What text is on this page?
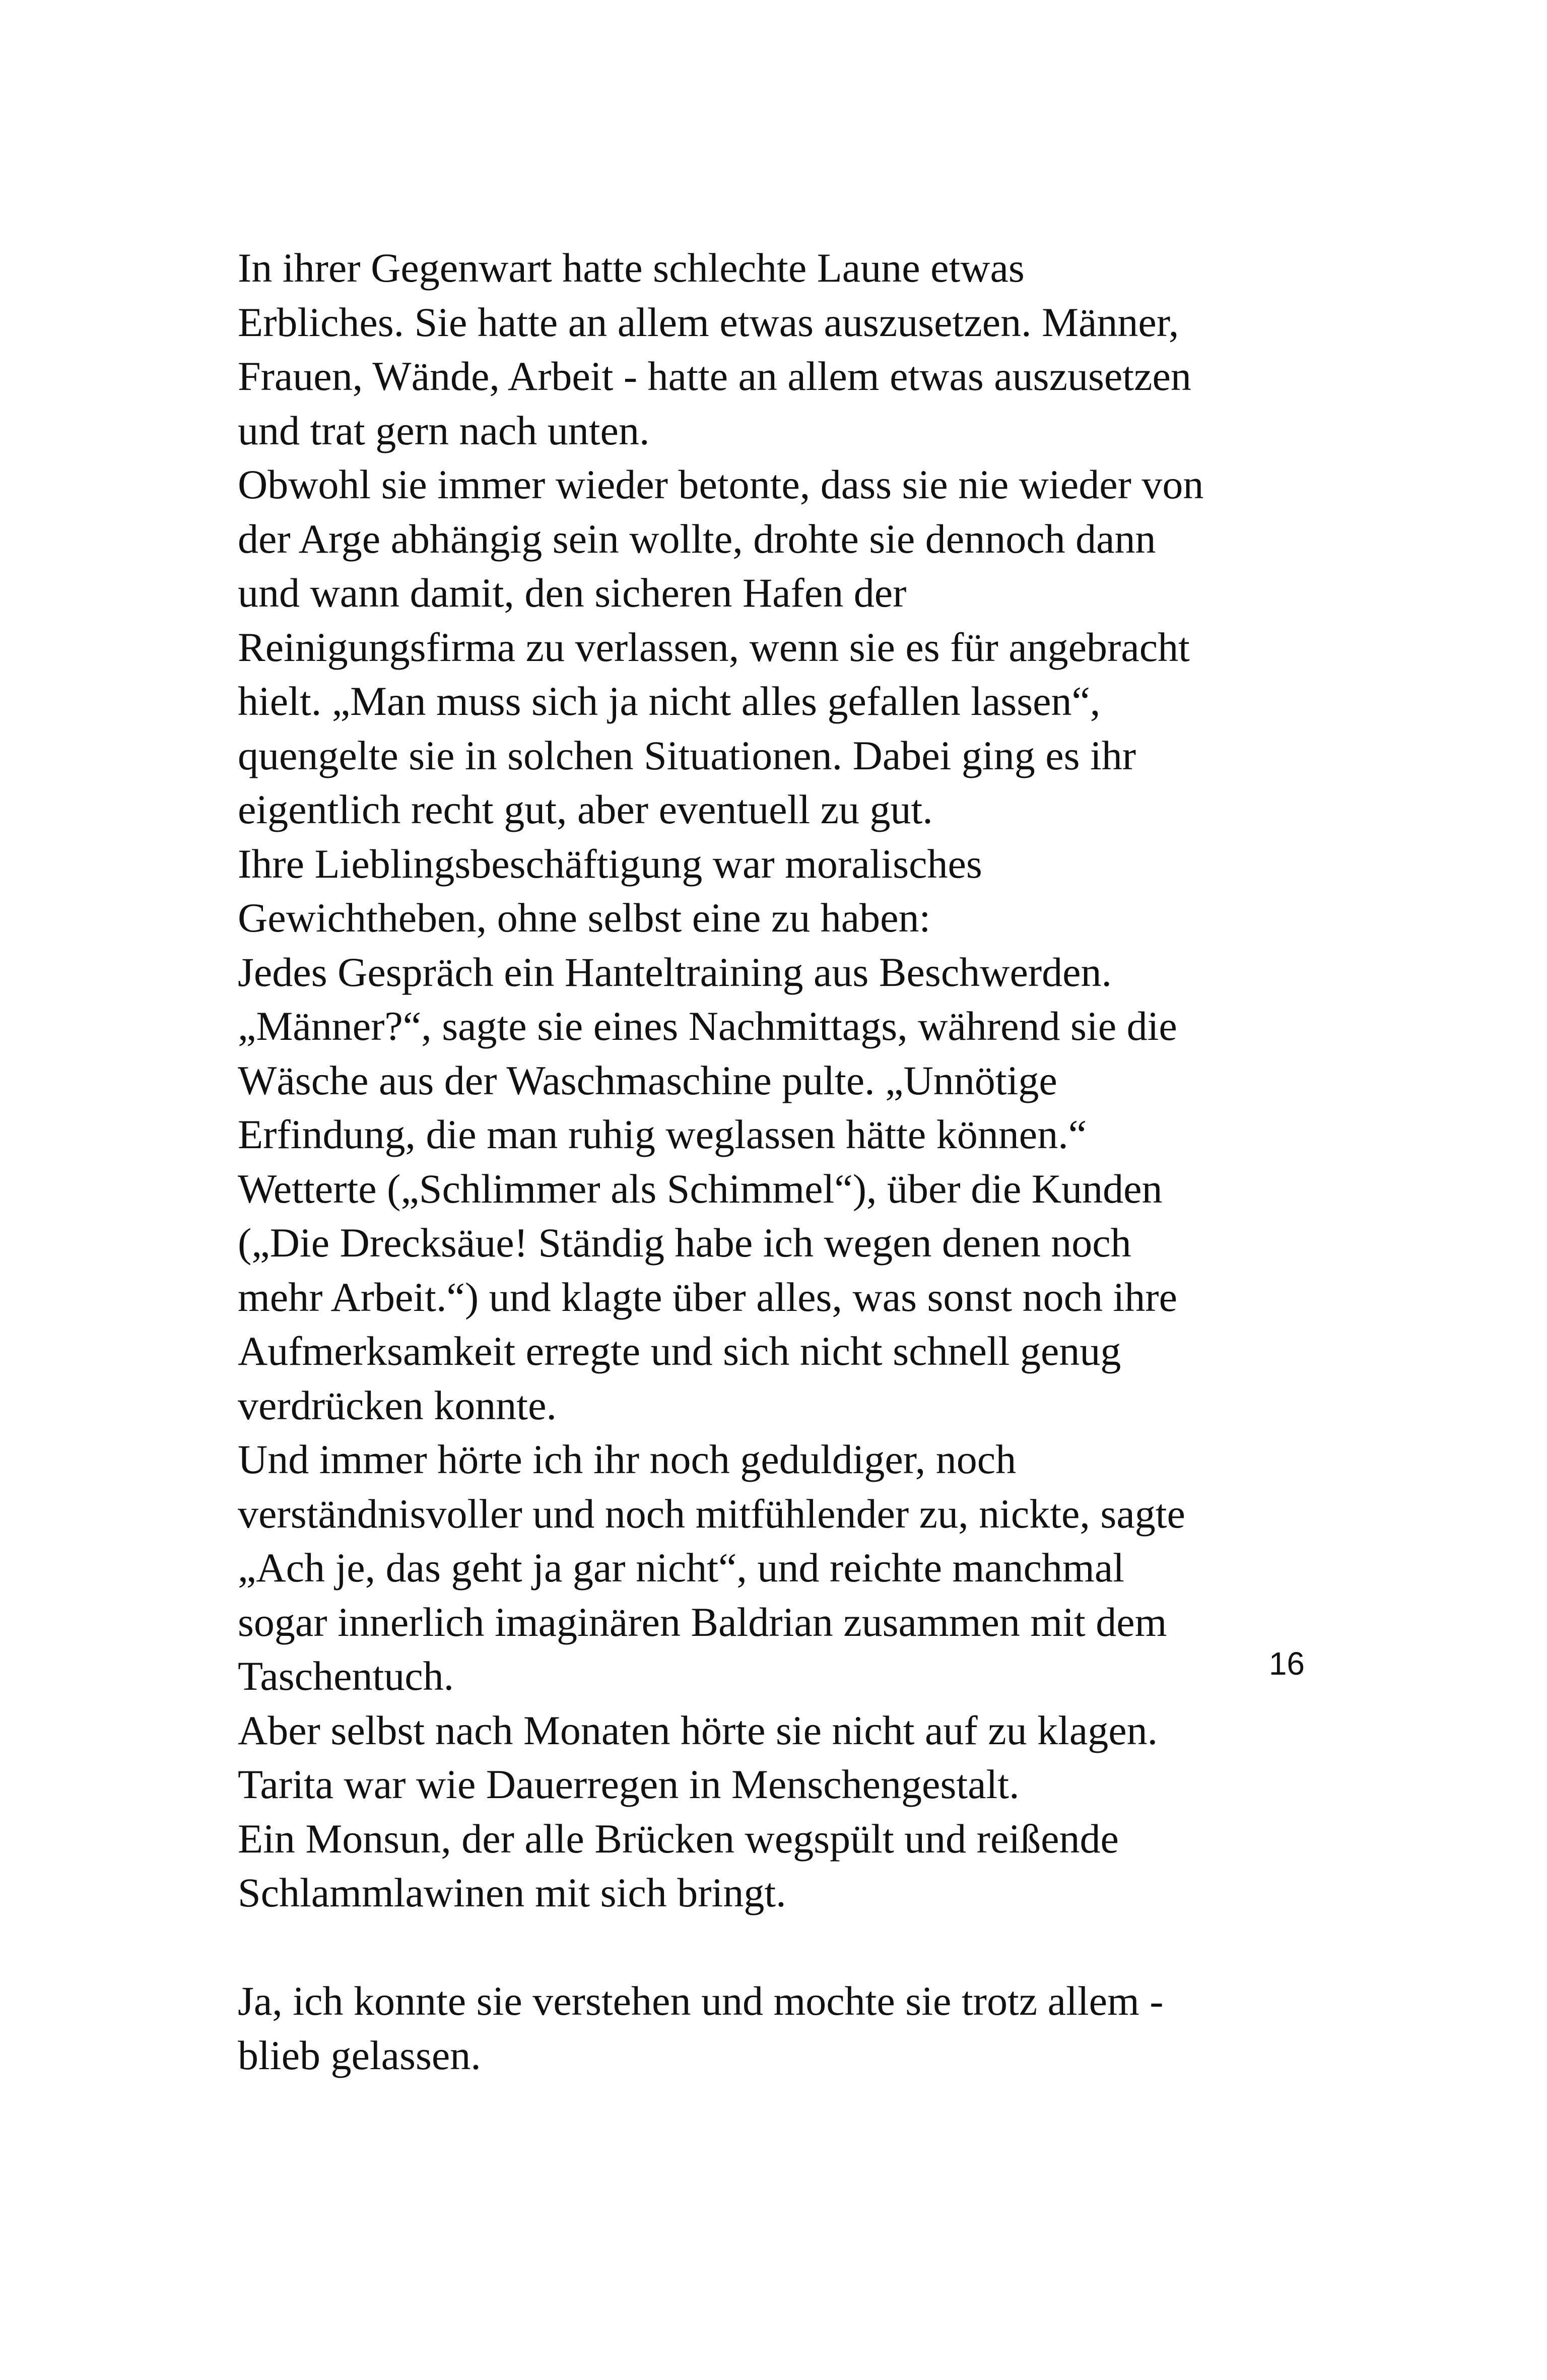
In ihrer Gegenwart hatte schlechte Laune etwas
Erbliches. Sie hatte an allem etwas auszusetzen. Männer,
Frauen, Wände, Arbeit - hatte an allem etwas auszusetzen
und trat gern nach unten.
Obwohl sie immer wieder betonte, dass sie nie wieder von
der Arge abhängig sein wollte, drohte sie dennoch dann
und wann damit, den sicheren Hafen der
Reinigungsfirma zu verlassen, wenn sie es für angebracht
hielt. „Man muss sich ja nicht alles gefallen lassen“,
quengelte sie in solchen Situationen. Dabei ging es ihr
eigentlich recht gut, aber eventuell zu gut.
Ihre Lieblingsbeschäftigung war moralisches
Gewichtheben, ohne selbst eine zu haben:
Jedes Gespräch ein Hanteltraining aus Beschwerden.
„Männer?“, sagte sie eines Nachmittags, während sie die
Wäsche aus der Waschmaschine pulte. „Unnötige
Erfindung, die man ruhig weglassen hätte können.“
Wetterte („Schlimmer als Schimmel“), über die Kunden
(„Die Drecksäue! Ständig habe ich wegen denen noch
mehr Arbeit.“) und klagte über alles, was sonst noch ihre
Aufmerksamkeit erregte und sich nicht schnell genug
verdrücken konnte.
Und immer hörte ich ihr noch geduldiger, noch
verständnisvoller und noch mitfühlender zu, nickte, sagte
„Ach je, das geht ja gar nicht“, und reichte manchmal
sogar innerlich imaginären Baldrian zusammen mit dem
Taschentuch.
Aber selbst nach Monaten hörte sie nicht auf zu klagen.
Tarita war wie Dauerregen in Menschengestalt.
Ein Monsun, der alle Brücken wegspült und reißende
Schlammlawinen mit sich bringt.
Ja, ich konnte sie verstehen und mochte sie trotz allem -
blieb gelassen.
16
